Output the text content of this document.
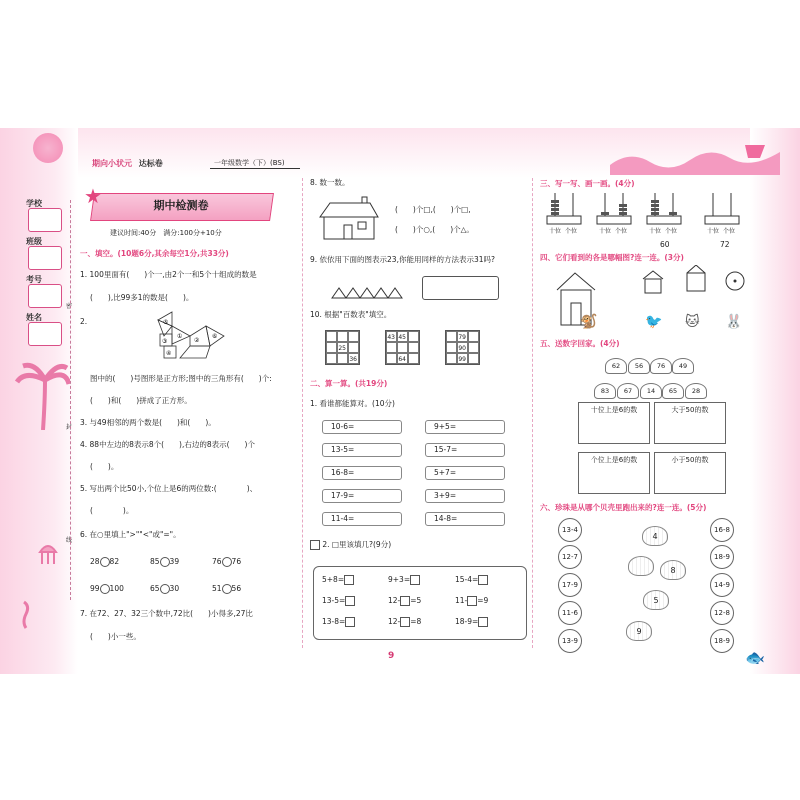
期向小状元 达标卷	一年级数学（下）(BS)
学校
班级
考号
姓名
密
封
线
期中检测卷
★
建议时间:40分　满分:100分+10分
一、填空。(10题6分,其余每空1分,共33分)
1. 100里面有(　　)个一,由2个一和5个十组成的数是
(　　),比99多1的数是(　　)。
2.	⑤
③
④
①
②
⑥
图中的(　　)号图形是正方形;图中的三角形有(　　)个:
(　　)和(　　)拼成了正方形。
3. 与49相邻的两个数是(　　)和(　　)。
4. 88中左边的8表示8个(　　),右边的8表示(　　)个
(　　)。
5. 写出两个比50小,个位上是6的两位数:(　　　　)、
(　　　　)。
6. 在○里填上">""<"或"="。
28 82	85 39	76 76
99 100	65 30	51 56
7. 在72、27、32三个数中,72比(　　)小得多,27比
(　　)小一些。
8. 数一数。
(　　)个□,(　　)个□,
(　　)个○,(　　)个△。
9. 依依用下面的图表示23,你能用同样的方法表示31吗?
10. 根据"百数表"填空。
25
36
43 45
64
79
90
99
二、算一算。(共19分)
1. 看谁都能算对。(10分)
10-6=	9+5=
13-5=	15-7=
16-8=	5+7=
17-9=	3+9=
11-4=	14-8=
2. □里该填几?(9分)
5+8=	9+3=	15-4=
13-5=	12- =5	11- =9
13-8=	12- =8	18-9=
三、写一写、画一画。(4分)
十位 个位	十位 个位	十位 个位	十位 个位
60	72
四、它们看到的各是哪幅图?连一连。(3分)
🐒	🐦 🐱 🐰
五、送数字回家。(4分)
62	56	76	49
83	67	14	65	28
十位上是6的数	大于50的数
个位上是6的数	小于50的数
六、珍珠是从哪个贝壳里跑出来的?连一连。(5分)
13-4
12-7
17-9
11-6
13-9
4
8
5
9
16-8
18-9
14-9
12-8
18-9
🐟
9
